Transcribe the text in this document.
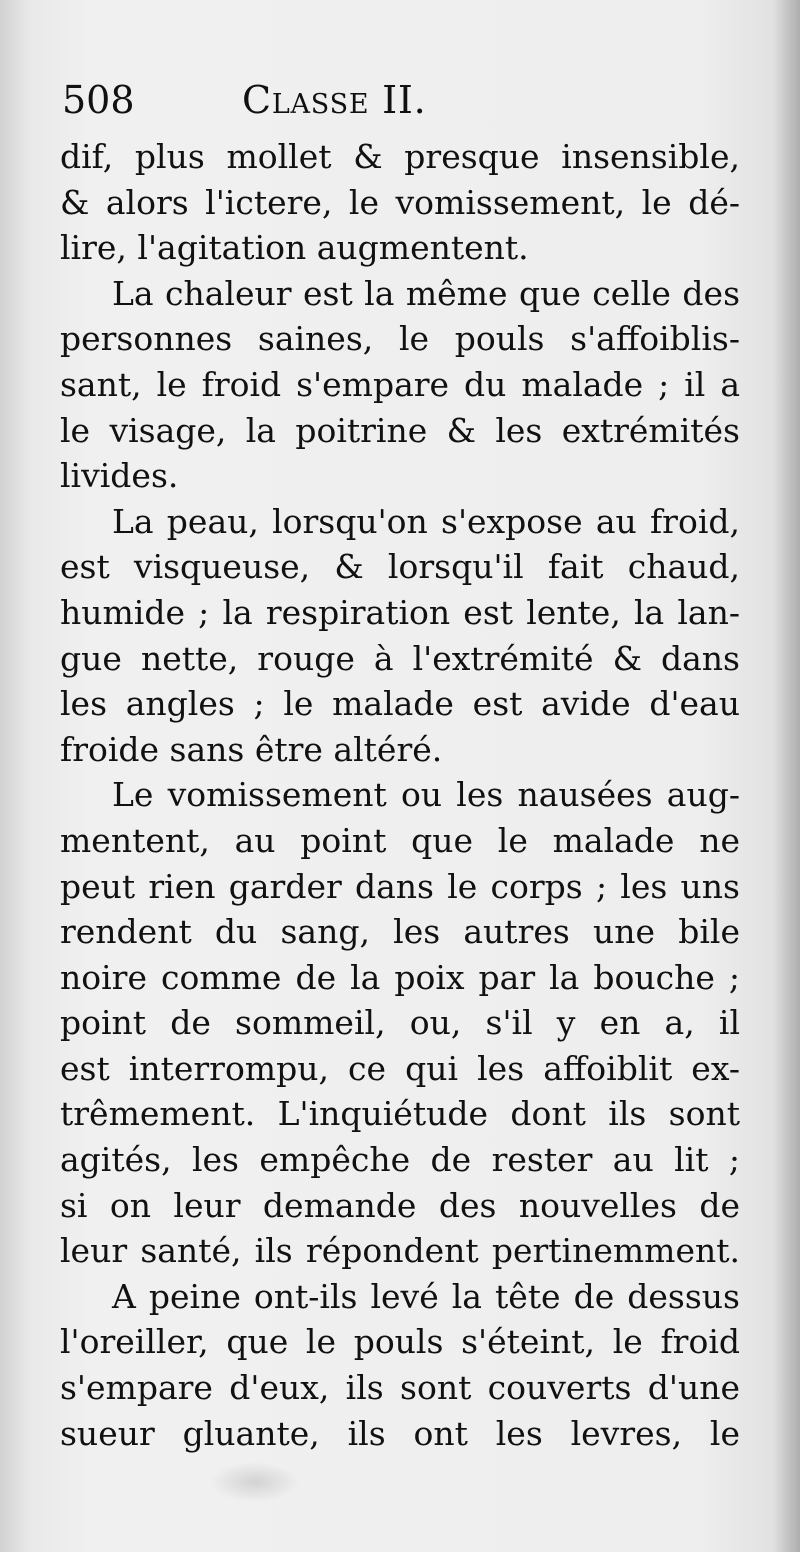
508	Classe II.
dif, plus mollet & presque insensible,
& alors l'ictere, le vomissement, le dé-
lire, l'agitation augmentent.
La chaleur est la même que celle des
personnes saines, le pouls s'affoiblis-
sant, le froid s'empare du malade ; il a
le visage, la poitrine & les extrémités
livides.
La peau, lorsqu'on s'expose au froid,
est visqueuse, & lorsqu'il fait chaud,
humide ; la respiration est lente, la lan-
gue nette, rouge à l'extrémité & dans
les angles ; le malade est avide d'eau
froide sans être altéré.
Le vomissement ou les nausées aug-
mentent, au point que le malade ne
peut rien garder dans le corps ; les uns
rendent du sang, les autres une bile
noire comme de la poix par la bouche ;
point de sommeil, ou, s'il y en a, il
est interrompu, ce qui les affoiblit ex-
trêmement. L'inquiétude dont ils sont
agités, les empêche de rester au lit ;
si on leur demande des nouvelles de
leur santé, ils répondent pertinemment.
A peine ont-ils levé la tête de dessus
l'oreiller, que le pouls s'éteint, le froid
s'empare d'eux, ils sont couverts d'une
sueur gluante, ils ont les levres, le
